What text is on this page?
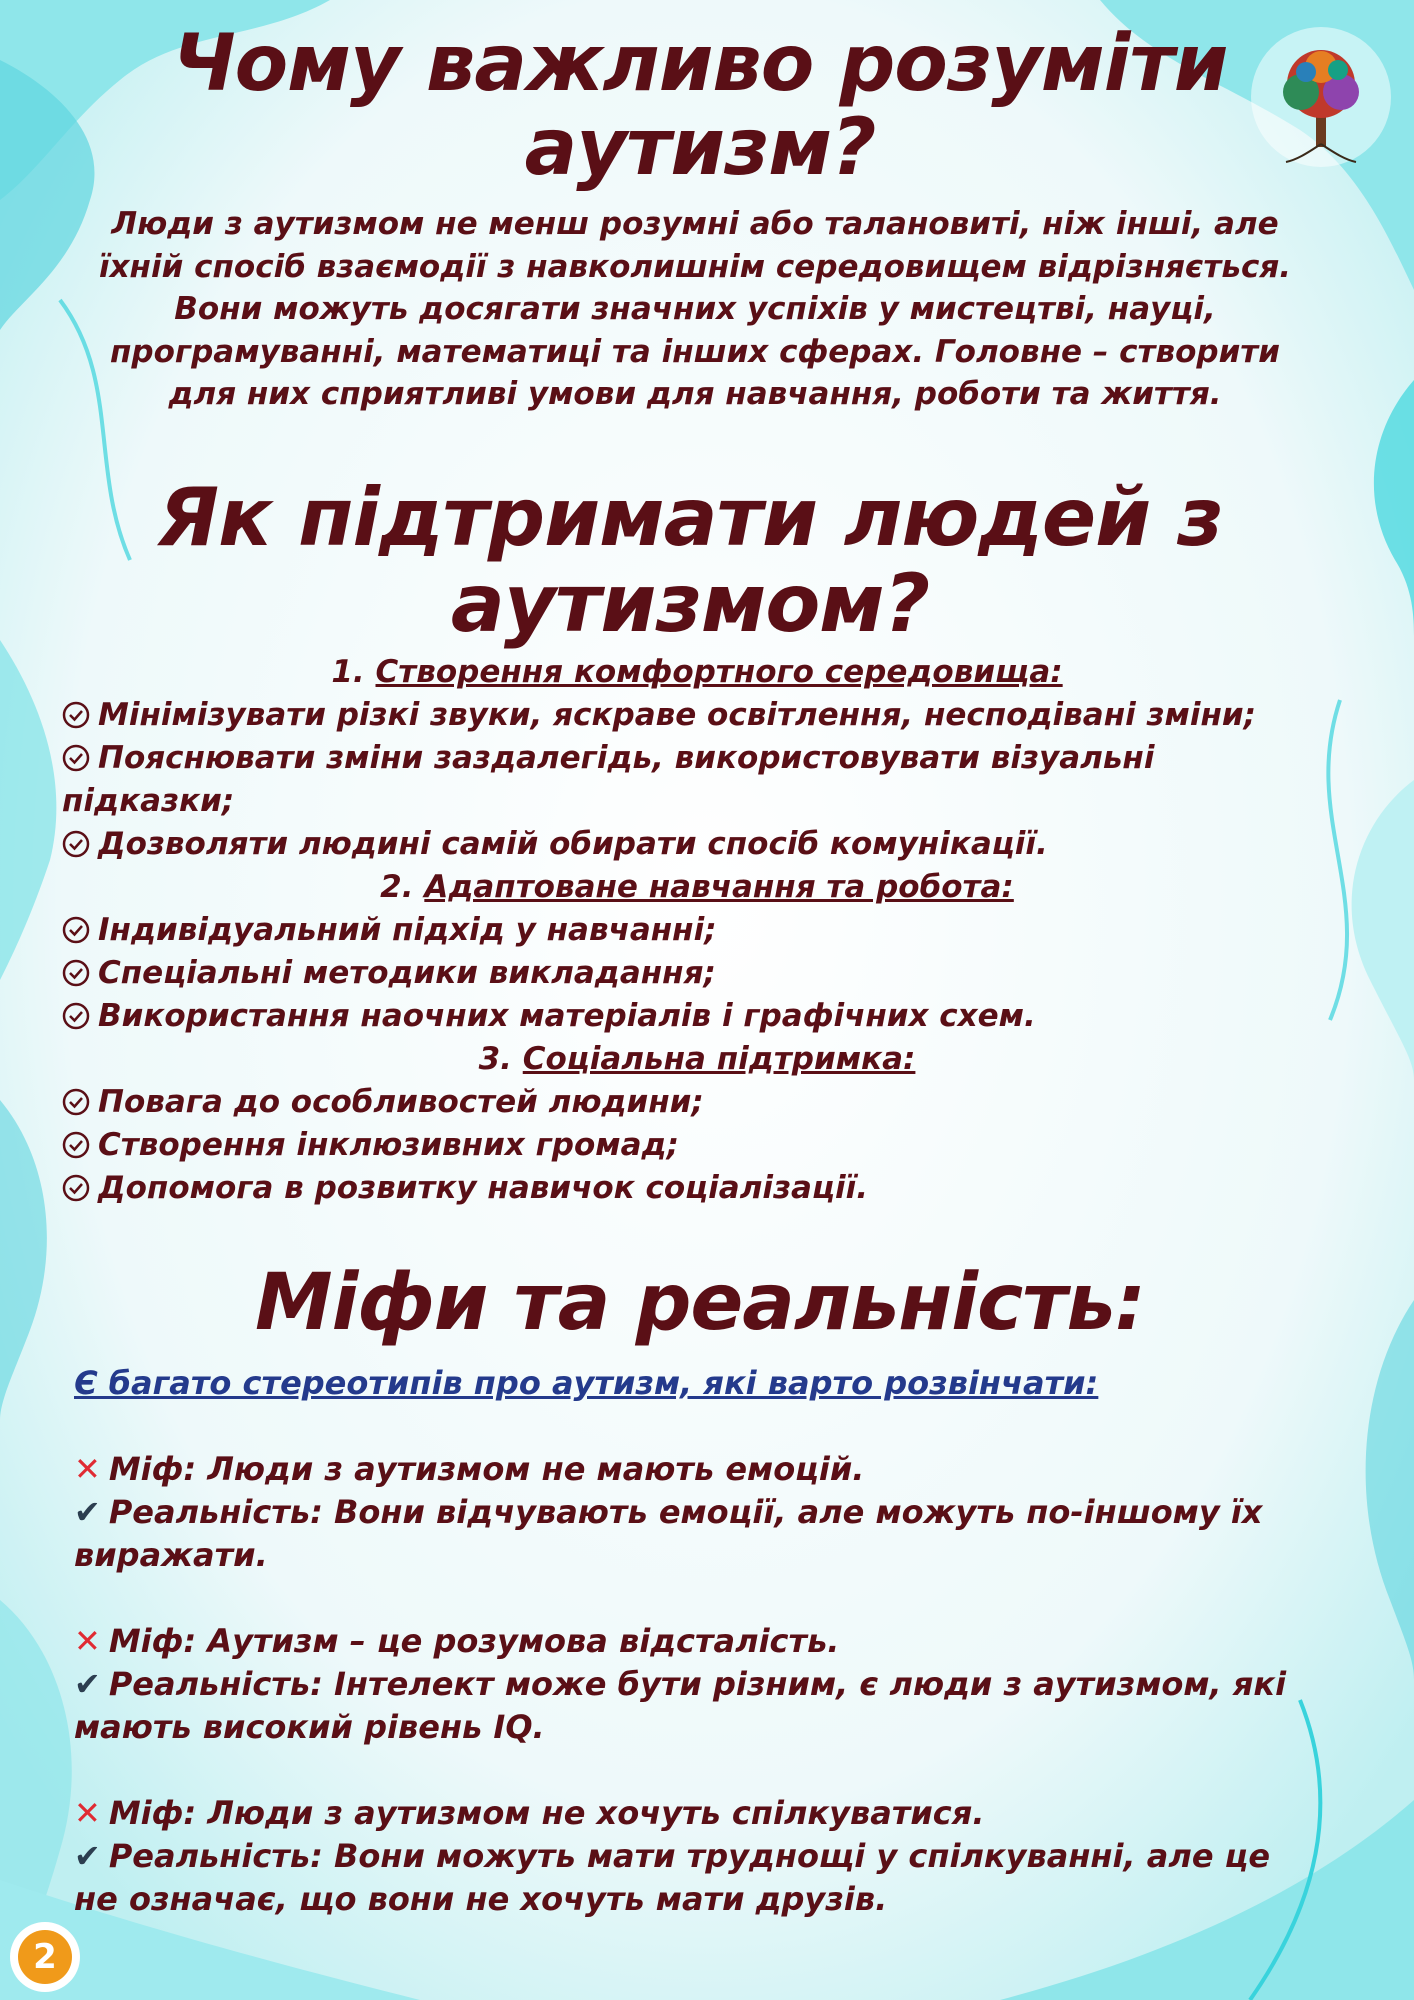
Чому важливо розуміти аутизм?
Люди з аутизмом не менш розумні або талановиті, ніж інші, але їхній спосіб взаємодії з навколишнім середовищем відрізняється. Вони можуть досягати значних успіхів у мистецтві, науці, програмуванні, математиці та інших сферах. Головне – створити для них сприятливі умови для навчання, роботи та життя.
Як підтримати людей з аутизмом?
1. Створення комфортного середовища:
Мінімізувати різкі звуки, яскраве освітлення, несподівані зміни;
Пояснювати зміни заздалегідь, використовувати візуальні підказки;
Дозволяти людині самій обирати спосіб комунікації.
2. Адаптоване навчання та робота:
Індивідуальний підхід у навчанні;
Спеціальні методики викладання;
Використання наочних матеріалів і графічних схем.
3. Соціальна підтримка:
Повага до особливостей людини;
Створення інклюзивних громад;
Допомога в розвитку навичок соціалізації.
Міфи та реальність:
Є багато стереотипів про аутизм, які варто розвінчати:
✕ Міф: Люди з аутизмом не мають емоцій.
✔ Реальність: Вони відчувають емоції, але можуть по-іншому їх виражати.
✕ Міф: Аутизм – це розумова відсталість.
✔ Реальність: Інтелект може бути різним, є люди з аутизмом, які мають високий рівень IQ.
✕ Міф: Люди з аутизмом не хочуть спілкуватися.
✔ Реальність: Вони можуть мати труднощі у спілкуванні, але це не означає, що вони не хочуть мати друзів.
2
